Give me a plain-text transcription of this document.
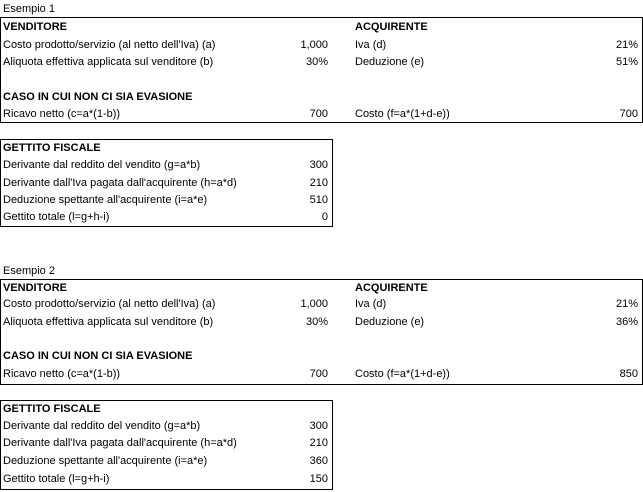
Esempio 1
VENDITORE	ACQUIRENTE
Costo prodotto/servizio (al netto dell'Iva) (a)	1,000 Iva (d)	21%
Aliquota effettiva applicata sul venditore (b)	30% Deduzione (e)	51%
CASO IN CUI NON CI SIA EVASIONE
Ricavo netto (c=a*(1-b))	700 Costo (f=a*(1+d-e))	700
GETTITO FISCALE
Derivante dal reddito del vendito (g=a*b)	300
Derivante dall'Iva pagata dall'acquirente (h=a*d)	210
Deduzione spettante all'acquirente (i=a*e)	510
Gettito totale (l=g+h-i)	0
Esempio 2
VENDITORE	ACQUIRENTE
Costo prodotto/servizio (al netto dell'Iva) (a)	1,000 Iva (d)	21%
Aliquota effettiva applicata sul venditore (b)	30% Deduzione (e)	36%
CASO IN CUI NON CI SIA EVASIONE
Ricavo netto (c=a*(1-b))	700 Costo (f=a*(1+d-e))	850
GETTITO FISCALE
Derivante dal reddito del vendito (g=a*b)	300
Derivante dall'Iva pagata dall'acquirente (h=a*d)	210
Deduzione spettante all'acquirente (i=a*e)	360
Gettito totale (l=g+h-i)	150
